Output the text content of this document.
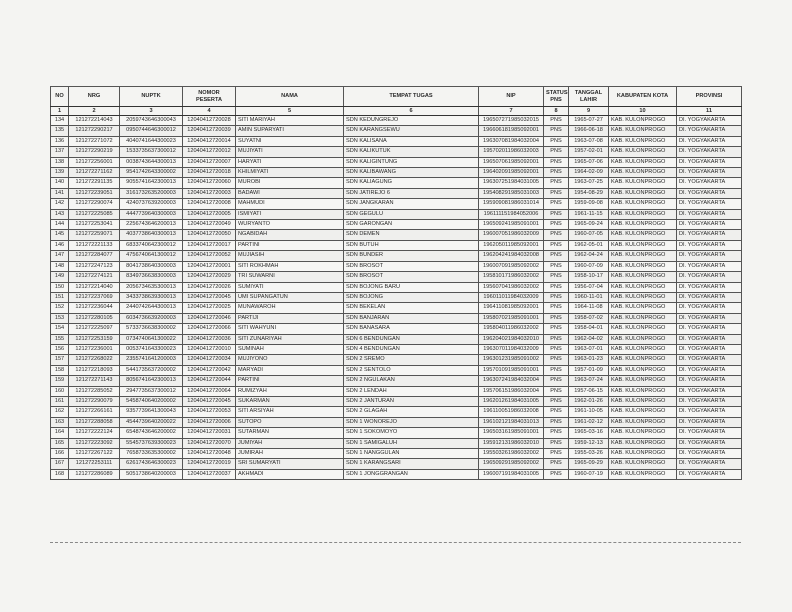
NO	NRG	NUPTK	NOMOR PESERTA	NAMA	TEMPAT TUGAS	NIP	STATUS PNS	TANGGAL LAHIR	KABUPATEN KOTA	PROVINSI
1	2	3	4	5	6	7	8	9	10	11
134	121272214043	2059743646300043	12040412720028	SITI MARIYAH	SDN KEDUNGREJO	196507271985032015	PNS	1965-07-27	KAB. KULONPROGO	DI. YOGYAKARTA
135	121272290217	0950744646300012	12040412720039	AMIN SUPARYATI	SDN KARANGSEWU	196606181985092001	PNS	1966-06-18	KAB. KULONPROGO	DI. YOGYAKARTA
136	121272271072	4040741644300023	12040412720014	SUYATNI	SDN KALISANA	196307081984032004	PNS	1963-07-08	KAB. KULONPROGO	DI. YOGYAKARTA
137	121272290219	1533735637300012	12040412720012	MUJIYATI	SDN KALIKUTUK	195702011986032003	PNS	1957-02-01	KAB. KULONPROGO	DI. YOGYAKARTA
138	121272256001	0038743644300013	12040412720007	HARYATI	SDN KALIGINTUNG	196507061985092001	PNS	1965-07-06	KAB. KULONPROGO	DI. YOGYAKARTA
139	121272271162	9541742643300002	12040412720018	KHILMIYATI	SDN KALIBAWANG	196402091985092001	PNS	1964-02-09	KAB. KULONPROGO	DI. YOGYAKARTA
140	121272291135	9055741642300013	12040412720060	MUROBI	SDN KALIAGUNG	196307251984031005	PNS	1963-07-25	KAB. KULONPROGO	DI. YOGYAKARTA
141	121272239051	3161732635200003	12040412720003	BADAWI	SDN JATIREJO 6	195408291985031003	PNS	1954-08-29	KAB. KULONPROGO	DI. YOGYAKARTA
142	121272290074	4240737639200003	12040412720008	MAHMUDI	SDN JANGKARAN	195909081986031014	PNS	1959-09-08	KAB. KULONPROGO	DI. YOGYAKARTA
143	121272225085	4447739640300003	12040412720005	ISMIYATI	SDN GEGULU	196111151984052006	PNS	1961-11-15	KAB. KULONPROGO	DI. YOGYAKARTA
144	121272253041	2256743646200013	12040412720049	WURYANTO	SDN GARONGAN	196509241985091001	PNS	1965-09-24	KAB. KULONPROGO	DI. YOGYAKARTA
145	121272259071	4037738640300013	12040412720050	NGABIDAH	SDN DEMEN	196007051986032009	PNS	1960-07-05	KAB. KULONPROGO	DI. YOGYAKARTA
146	121272221133	6833740642300012	12040412720017	PARTINI	SDN BUTUH	196205011985092001	PNS	1962-05-01	KAB. KULONPROGO	DI. YOGYAKARTA
147	121272284077	4756740641300012	12040412720052	MUJIASIH	SDN BUNDER	196204241984032008	PNS	1962-04-24	KAB. KULONPROGO	DI. YOGYAKARTA
148	121272247123	8041738640300003	12040412720001	SITI ROKHMAH	SDN BROSOT	196007091985092002	PNS	1960-07-09	KAB. KULONPROGO	DI. YOGYAKARTA
149	121272274121	8349736638300003	12040412720029	TRI SUWARNI	SDN BROSOT	195810171986032002	PNS	1958-10-17	KAB. KULONPROGO	DI. YOGYAKARTA
150	121272214040	2056734635300013	12040412720026	SUMIYATI	SDN BOJONG BARU	195607041986032002	PNS	1956-07-04	KAB. KULONPROGO	DI. YOGYAKARTA
151	121272237069	3433738639300013	12040412720045	UMI SUPANGATUN	SDN BOJONG	196011011984032009	PNS	1960-11-01	KAB. KULONPROGO	DI. YOGYAKARTA
152	121272236044	2440742644300013	12040412720025	MUNAWAROH	SDN BEKELAN	196411081985092001	PNS	1964-11-08	KAB. KULONPROGO	DI. YOGYAKARTA
153	121272280105	6034736639200003	12040412720046	PARTIJI	SDN BANJARAN	195807021985091001	PNS	1958-07-02	KAB. KULONPROGO	DI. YOGYAKARTA
154	121272225097	5733736638300002	12040412720066	SITI WAHYUNI	SDN BANASARA	195804011986032002	PNS	1958-04-01	KAB. KULONPROGO	DI. YOGYAKARTA
155	121272253159	0734740641300022	12040412720036	SITI ZUNARIYAH	SDN 6 BENDUNGAN	196204021984032010	PNS	1962-04-02	KAB. KULONPROGO	DI. YOGYAKARTA
156	121272236001	0053741643300023	12040412720010	SUMINAH	SDN 4 BENDUNGAN	196307011984032009	PNS	1963-07-01	KAB. KULONPROGO	DI. YOGYAKARTA
157	121272268022	2355741641200003	12040412720034	MUJIYONO	SDN 2 SREMO	196301231985091002	PNS	1963-01-23	KAB. KULONPROGO	DI. YOGYAKARTA
158	121272218093	5441735637200002	12040412720042	MARYADI	SDN 2 SENTOLO	195701091985091001	PNS	1957-01-09	KAB. KULONPROGO	DI. YOGYAKARTA
159	121272271143	8056741642300013	12040412720044	PARTINI	SDN 2 NGULAKAN	196307241984032004	PNS	1963-07-24	KAB. KULONPROGO	DI. YOGYAKARTA
160	121272285052	2947735637300012	12040412720064	RUMIZYAH	SDN 2 LENDAH	195706151986032004	PNS	1957-06-15	KAB. KULONPROGO	DI. YOGYAKARTA
161	121272290079	5458740640200002	12040412720045	SUKARMAN	SDN 2 JANTURAN	196201261984031005	PNS	1962-01-26	KAB. KULONPROGO	DI. YOGYAKARTA
162	121272266161	9357739641300043	12040412720053	SITI ARSIYAH	SDN 2 GLAGAH	196110051986032008	PNS	1961-10-05	KAB. KULONPROGO	DI. YOGYAKARTA
163	121272288058	4544739640200022	12040412720006	SUTOPO	SDN 1 WONOREJO	196102121984031013	PNS	1961-02-12	KAB. KULONPROGO	DI. YOGYAKARTA
164	121272222124	6548743646200002	12040412720031	SUTARMAN	SDN 1 SOKOMOYO	196503161985091001	PNS	1965-03-16	KAB. KULONPROGO	DI. YOGYAKARTA
165	121272223092	5545737639300023	12040412720070	JUMIYAH	SDN 1 SAMIGALUH	195912131986032010	PNS	1959-12-13	KAB. KULONPROGO	DI. YOGYAKARTA
166	121272267122	7658733635300002	12040412720048	JUMIRAH	SDN 1 NANGGULAN	195503261986032002	PNS	1955-03-26	KAB. KULONPROGO	DI. YOGYAKARTA
167	121272253111	6261743646300023	12040412720019	SRI SUMARYATI	SDN 1 KARANGSARI	196509291985092002	PNS	1965-09-29	KAB. KULONPROGO	DI. YOGYAKARTA
168	121272286089	5051738640200003	12040412720037	AKHMADI	SDN 1 JONGGRANGAN	196007191984031005	PNS	1960-07-19	KAB. KULONPROGO	DI. YOGYAKARTA
